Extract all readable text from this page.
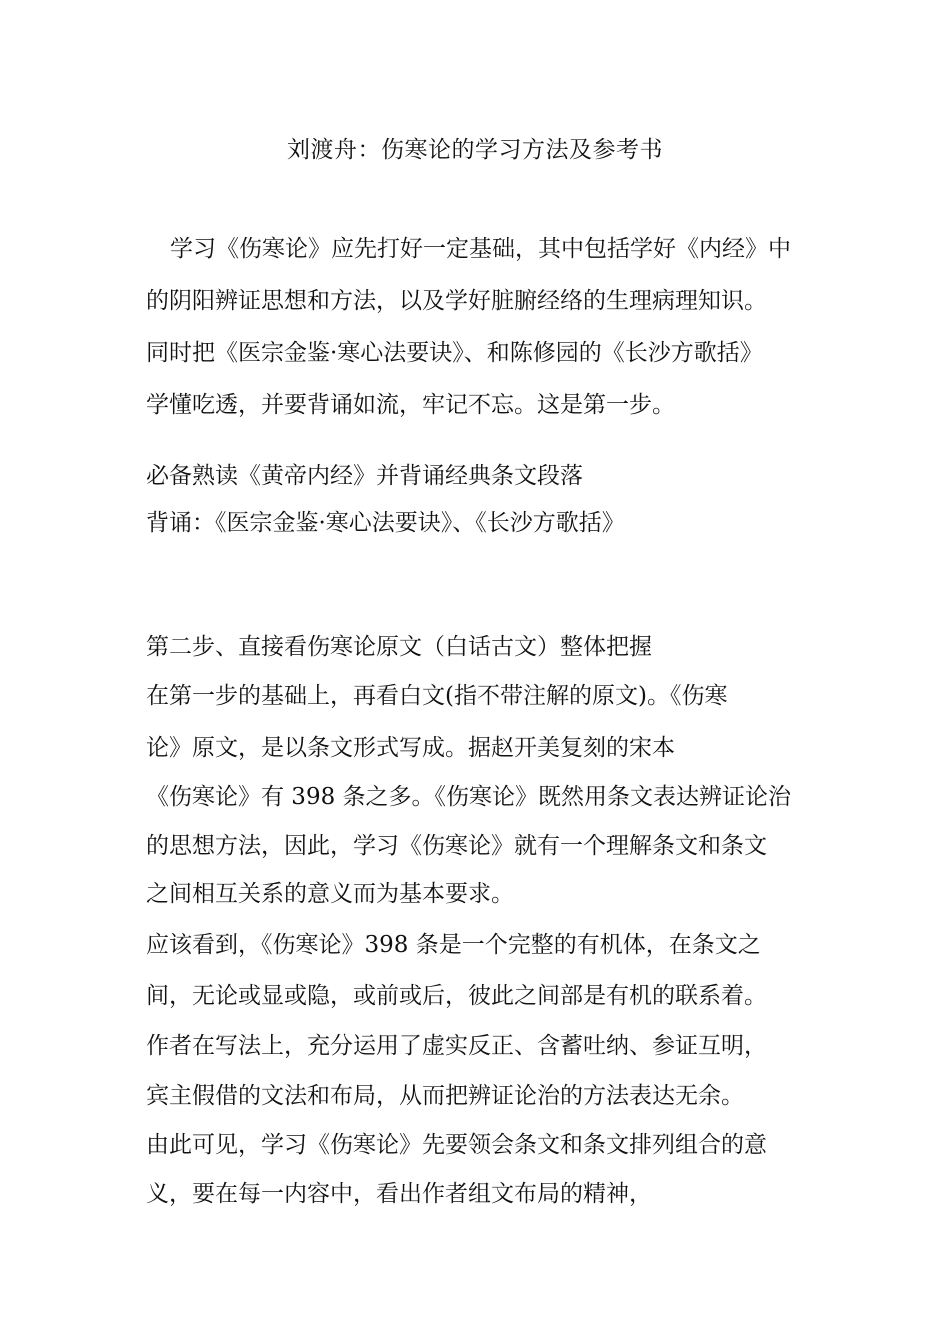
刘渡舟：伤寒论的学习方法及参考书

学习《伤寒论》应先打好一定基础，其中包括学好《内经》中

的阴阳辨证思想和方法，以及学好脏腑经络的生理病理知识。

同时把《医宗金鉴·寒心法要诀》、和陈修园的《长沙方歌括》

学懂吃透，并要背诵如流，牢记不忘。这是第一步。

必备熟读《黄帝内经》并背诵经典条文段落

背诵：《医宗金鉴·寒心法要诀》、《长沙方歌括》

第二步、直接看伤寒论原文（白话古文）整体把握

在第一步的基础上，再看白文(指不带注解的原文)。《伤寒

论》原文，是以条文形式写成。据赵开美复刻的宋本

《伤寒论》有 398 条之多。《伤寒论》既然用条文表达辨证论治

的思想方法，因此，学习《伤寒论》就有一个理解条文和条文

之间相互关系的意义而为基本要求。

应该看到，《伤寒论》398 条是一个完整的有机体，在条文之

间，无论或显或隐，或前或后，彼此之间部是有机的联系着。

作者在写法上，充分运用了虚实反正、含蓄吐纳、参证互明，

宾主假借的文法和布局，从而把辨证论治的方法表达无余。

由此可见，学习《伤寒论》先要领会条文和条文排列组合的意

义，要在每一内容中，看出作者组文布局的精神，
